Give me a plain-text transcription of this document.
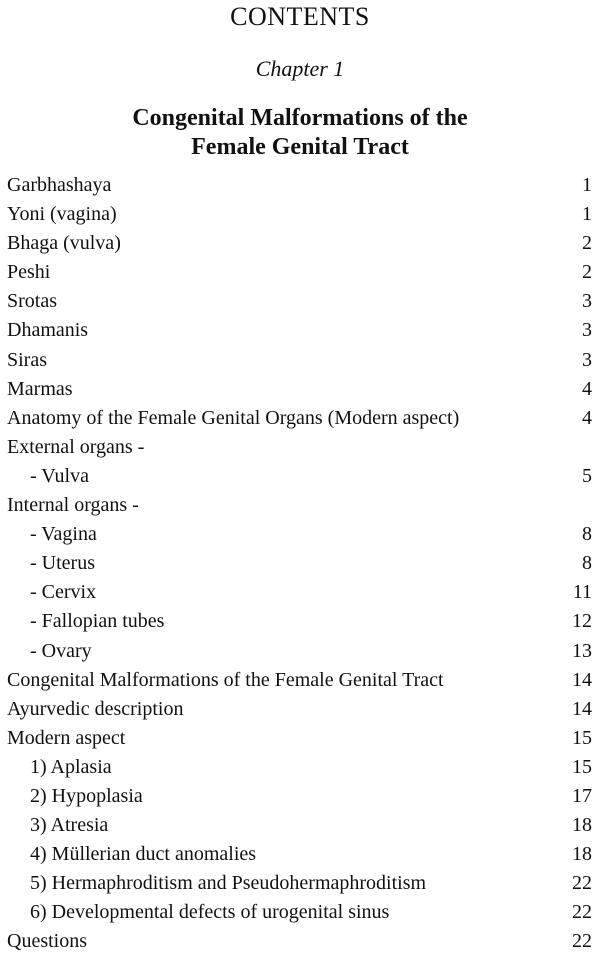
CONTENTS
Chapter 1
Congenital Malformations of the
Female Genital Tract
Garbhashaya	1
Yoni (vagina)	1
Bhaga (vulva)	2
Peshi	2
Srotas	3
Dhamanis	3
Siras	3
Marmas	4
Anatomy of the Female Genital Organs (Modern aspect)	4
External organs -
- Vulva	5
Internal organs -
- Vagina	8
- Uterus	8
- Cervix	11
- Fallopian tubes	12
- Ovary	13
Congenital Malformations of the Female Genital Tract	14
Ayurvedic description	14
Modern aspect	15
1) Aplasia	15
2) Hypoplasia	17
3) Atresia	18
4) Müllerian duct anomalies	18
5) Hermaphroditism and Pseudohermaphroditism	22
6) Developmental defects of urogenital sinus	22
Questions	22
